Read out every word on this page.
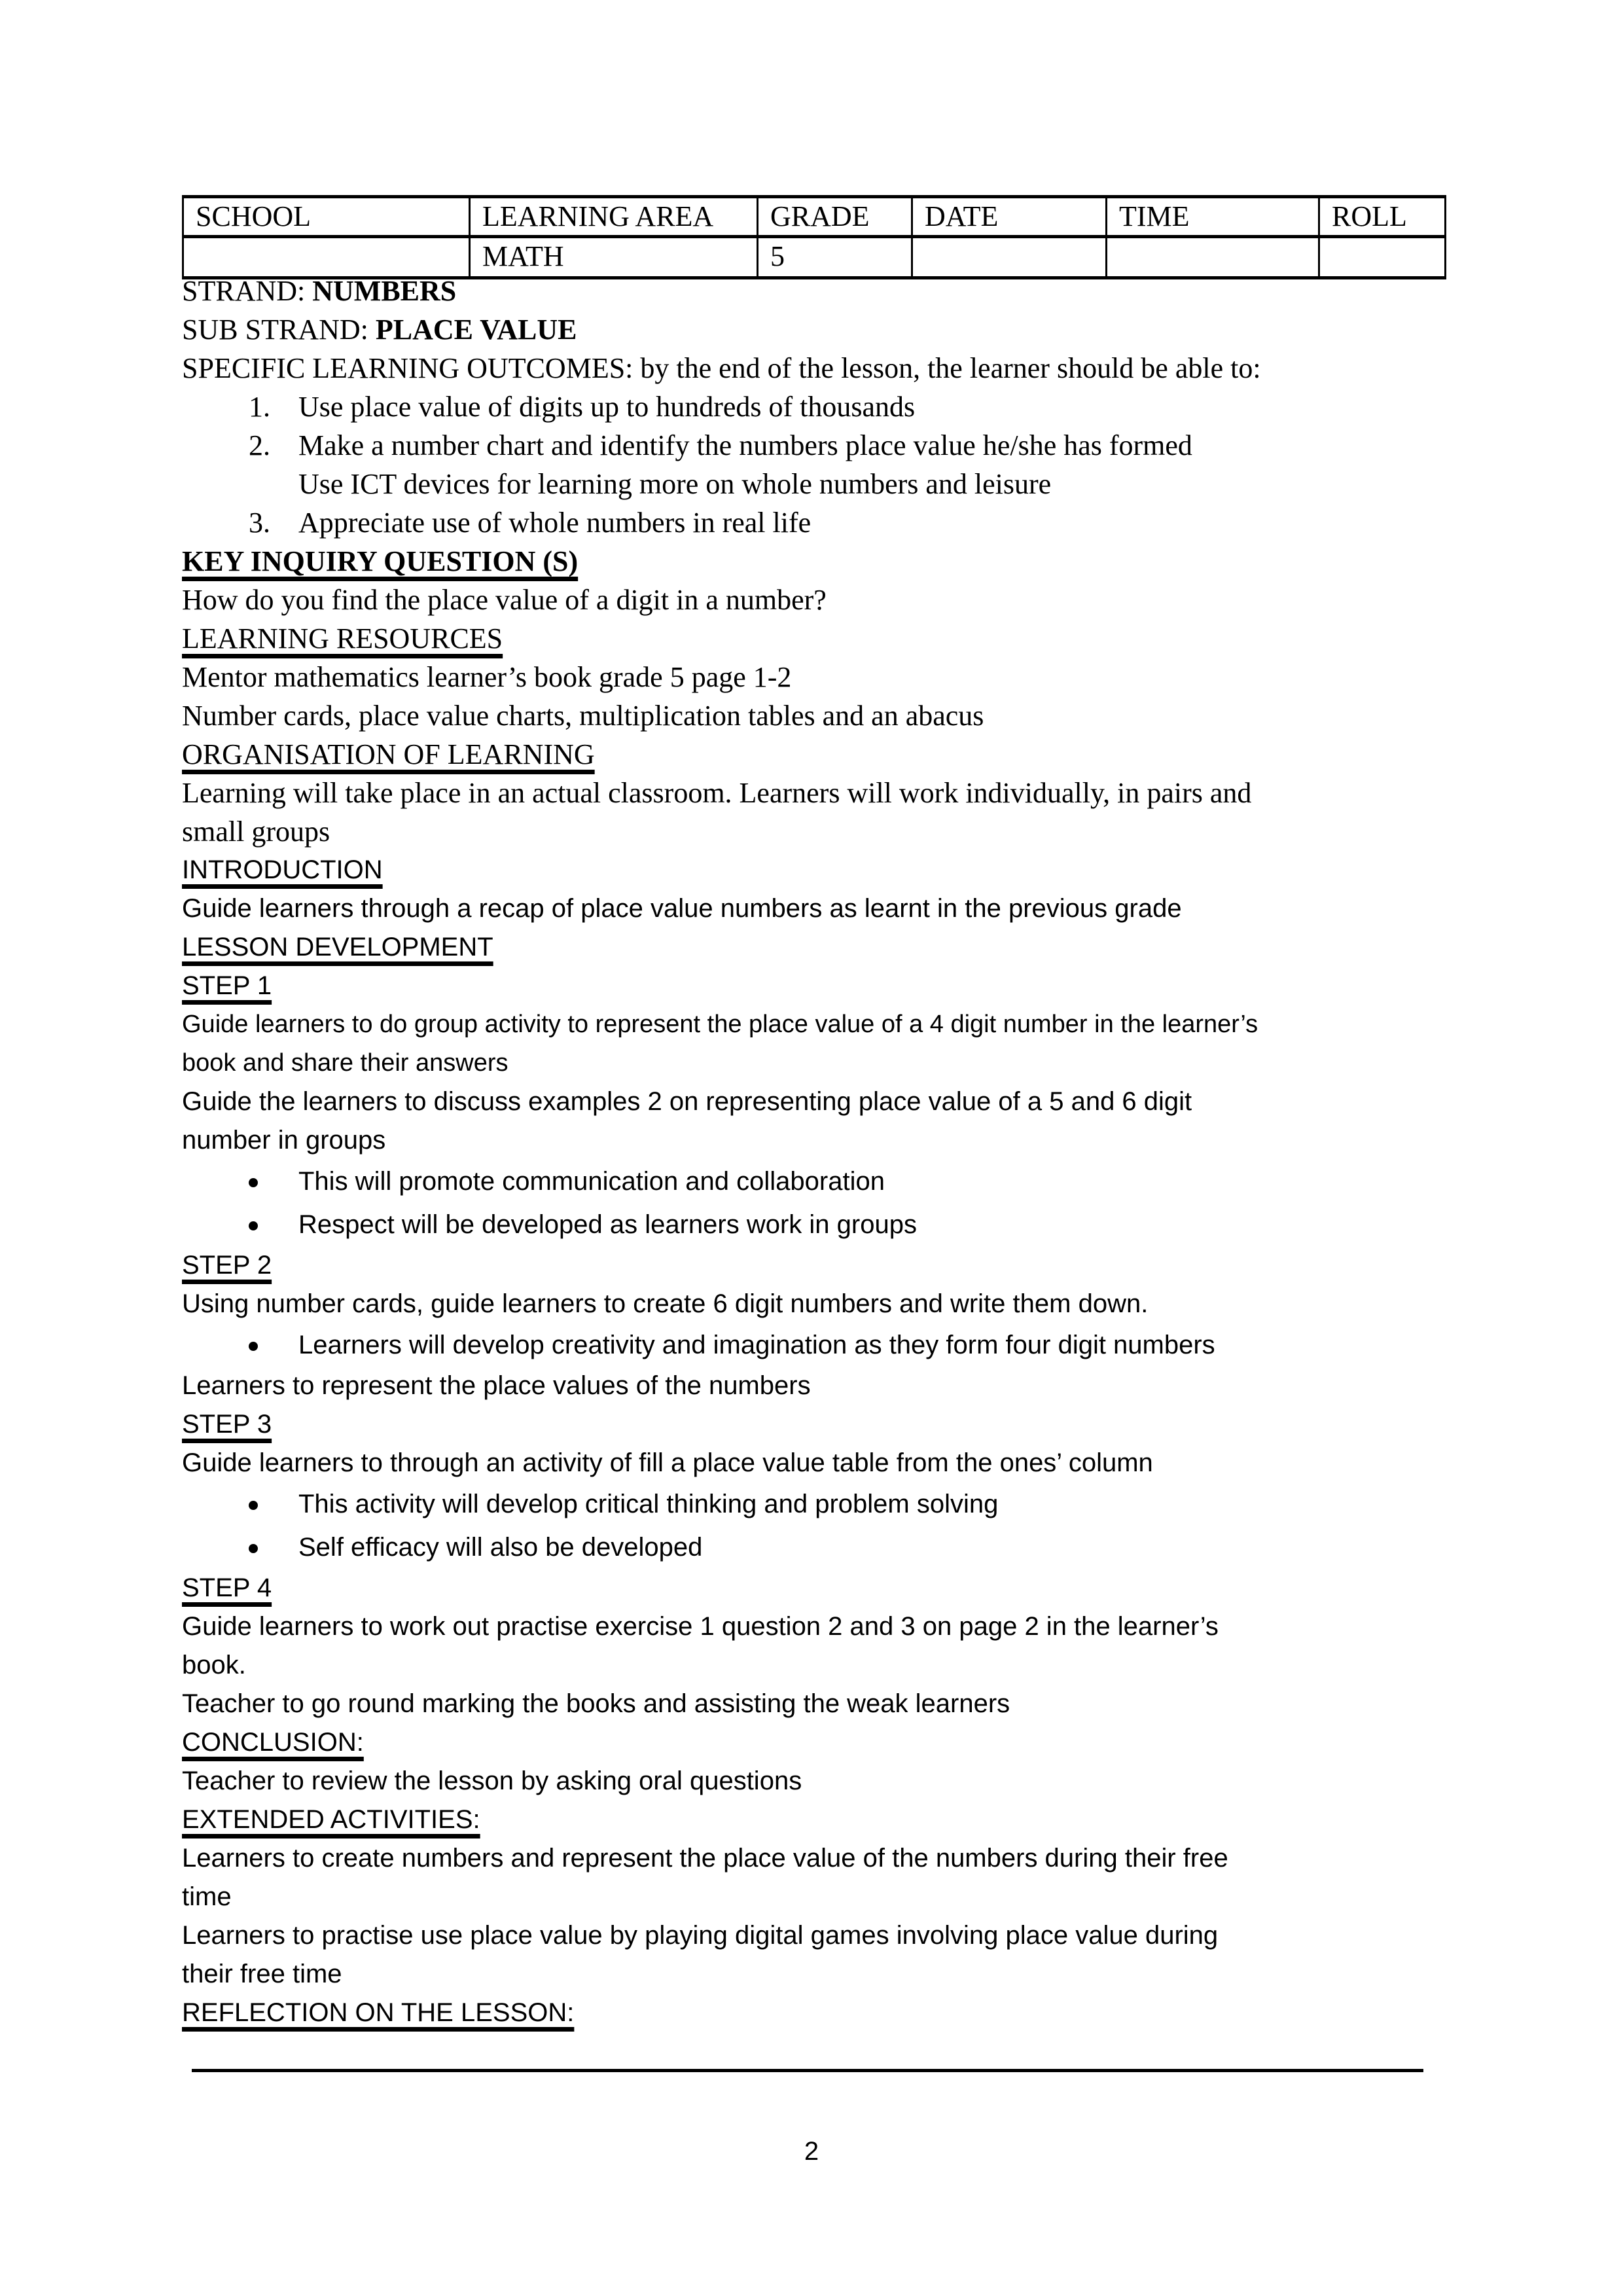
SCHOOL	LEARNING AREA	GRADE	DATE	TIME	ROLL
	MATH	5			
STRAND: NUMBERS
SUB STRAND: PLACE VALUE
SPECIFIC LEARNING OUTCOMES: by the end of the lesson, the learner should be able to:
1. Use place value of digits up to hundreds of thousands
2. Make a number chart and identify the numbers place value he/she has formed
Use ICT devices for learning more on whole numbers and leisure
3. Appreciate use of whole numbers in real life
KEY INQUIRY QUESTION (S)
How do you find the place value of a digit in a number?
LEARNING RESOURCES
Mentor mathematics learner’s book grade 5 page 1-2
Number cards, place value charts, multiplication tables and an abacus
ORGANISATION OF LEARNING
Learning will take place in an actual classroom. Learners will work individually, in pairs and
small groups
INTRODUCTION
Guide learners through a recap of place value numbers as learnt in the previous grade
LESSON DEVELOPMENT
STEP 1
Guide learners to do group activity to represent the place value of a 4 digit number in the learner’s
book and share their answers
Guide the learners to discuss examples 2 on representing place value of a 5 and 6 digit
number in groups
This will promote communication and collaboration
Respect will be developed as learners work in groups
STEP 2
Using number cards, guide learners to create 6 digit numbers and write them down.
Learners will develop creativity and imagination as they form four digit numbers
Learners to represent the place values of the numbers
STEP 3
Guide learners to through an activity of fill a place value table from the ones’ column
This activity will develop critical thinking and problem solving
Self efficacy will also be developed
STEP 4
Guide learners to work out practise exercise 1 question 2 and 3 on page 2 in the learner’s
book.
Teacher to go round marking the books and assisting the weak learners
CONCLUSION:
Teacher to review the lesson by asking oral questions
EXTENDED ACTIVITIES:
Learners to create numbers and represent the place value of the numbers during their free
time
Learners to practise use place value by playing digital games involving place value during
their free time
REFLECTION ON THE LESSON:
2
